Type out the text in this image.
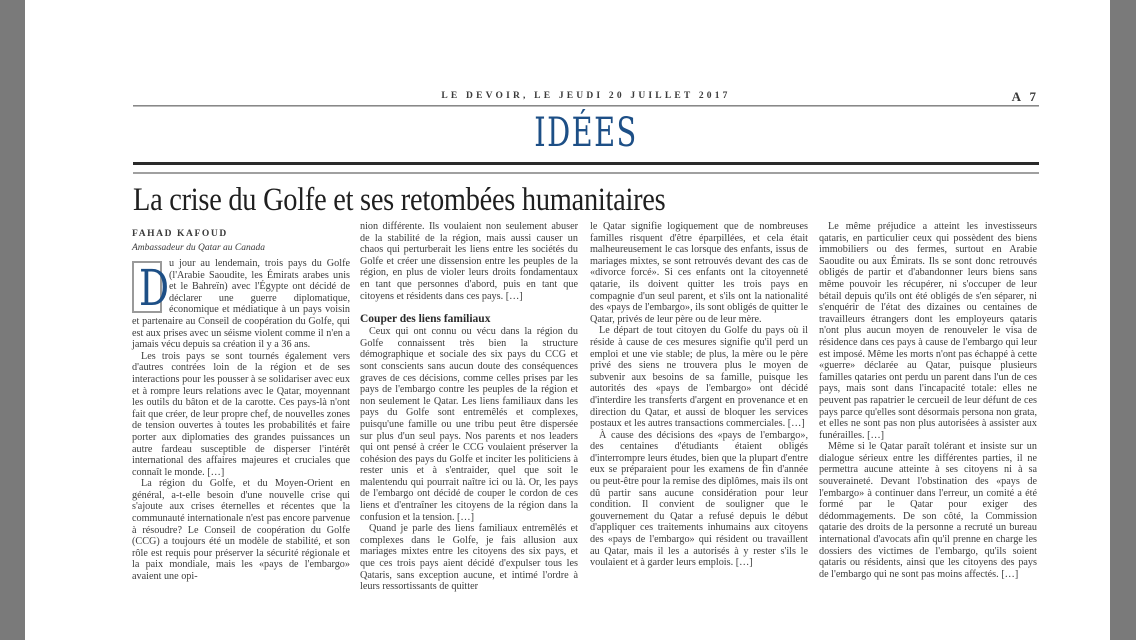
LE DEVOIR, LE JEUDI 20 JUILLET 2017	A 7
IDÉES
La crise du Golfe et ses retombées humanitaires
FAHAD KAFOUD
Ambassadeur du Qatar au Canada
D u jour au lendemain, trois pays du Golfe (l'Arabie Saoudite, les Émirats arabes unis et le Bahreïn) avec l'Égypte ont décidé de déclarer une guerre diplomatique, économique et médiatique à un pays voisin et partenaire au Conseil de coopération du Golfe, qui est aux prises avec un séisme violent comme il n'en a jamais vécu depuis sa création il y a 36 ans.

Les trois pays se sont tournés également vers d'autres contrées loin de la région et de ses interactions pour les pousser à se solidariser avec eux et à rompre leurs relations avec le Qatar, moyennant les outils du bâton et de la carotte. Ces pays-là n'ont fait que créer, de leur propre chef, de nouvelles zones de tension ouvertes à toutes les probabilités et faire porter aux diplomaties des grandes puissances un autre fardeau susceptible de disperser l'intérêt international des affaires majeures et cruciales que connaît le monde. […]

La région du Golfe, et du Moyen-Orient en général, a-t-elle besoin d'une nouvelle crise qui s'ajoute aux crises éternelles et récentes que la communauté internationale n'est pas encore parvenue à résoudre? Le Conseil de coopération du Golfe (CCG) a toujours été un modèle de stabilité, et son rôle est requis pour préserver la sécurité régionale et la paix mondiale, mais les «pays de l'embargo» avaient une opi-

nion différente. Ils voulaient non seulement abuser de la stabilité de la région, mais aussi causer un chaos qui perturberait les liens entre les sociétés du Golfe et créer une dissension entre les peuples de la région, en plus de violer leurs droits fondamentaux en tant que personnes d'abord, puis en tant que citoyens et résidents dans ces pays. […]

Couper des liens familiaux

Ceux qui ont connu ou vécu dans la région du Golfe connaissent très bien la structure démographique et sociale des six pays du CCG et sont conscients sans aucun doute des conséquences graves de ces décisions, comme celles prises par les pays de l'embargo contre les peuples de la région et non seulement le Qatar. Les liens familiaux dans les pays du Golfe sont entremêlés et complexes, puisqu'une famille ou une tribu peut être dispersée sur plus d'un seul pays. Nos parents et nos leaders qui ont pensé à créer le CCG voulaient préserver la cohésion des pays du Golfe et inciter les politiciens à rester unis et à s'entraider, quel que soit le malentendu qui pourrait naître ici ou là. Or, les pays de l'embargo ont décidé de couper le cordon de ces liens et d'entraîner les citoyens de la région dans la confusion et la tension. […]

Quand je parle des liens familiaux entremêlés et complexes dans le Golfe, je fais allusion aux mariages mixtes entre les citoyens des six pays, et que ces trois pays aient décidé d'expulser tous les Qataris, sans exception aucune, et intimé l'ordre à leurs ressortissants de quitter

le Qatar signifie logiquement que de nombreuses familles risquent d'être éparpillées, et cela était malheureusement le cas lorsque des enfants, issus de mariages mixtes, se sont retrouvés devant des cas de «divorce forcé». Si ces enfants ont la citoyenneté qatarie, ils doivent quitter les trois pays en compagnie d'un seul parent, et s'ils ont la nationalité des «pays de l'embargo», ils sont obligés de quitter le Qatar, privés de leur père ou de leur mère.

Le départ de tout citoyen du Golfe du pays où il réside à cause de ces mesures signifie qu'il perd un emploi et une vie stable; de plus, la mère ou le père privé des siens ne trouvera plus le moyen de subvenir aux besoins de sa famille, puisque les autorités des «pays de l'embargo» ont décidé d'interdire les transferts d'argent en provenance et en direction du Qatar, et aussi de bloquer les services postaux et les autres transactions commerciales. […]

À cause des décisions des «pays de l'embargo», des centaines d'étudiants étaient obligés d'interrompre leurs études, bien que la plupart d'entre eux se préparaient pour les examens de fin d'année ou peut-être pour la remise des diplômes, mais ils ont dû partir sans aucune considération pour leur condition. Il convient de souligner que le gouvernement du Qatar a refusé depuis le début d'appliquer ces traitements inhumains aux citoyens des «pays de l'embargo» qui résident ou travaillent au Qatar, mais il les a autorisés à y rester s'ils le voulaient et à garder leurs emplois. […]

Le même préjudice a atteint les investisseurs qataris, en particulier ceux qui possèdent des biens immobiliers ou des fermes, surtout en Arabie Saoudite ou aux Émirats. Ils se sont donc retrouvés obligés de partir et d'abandonner leurs biens sans même pouvoir les récupérer, ni s'occuper de leur bétail depuis qu'ils ont été obligés de s'en séparer, ni s'enquérir de l'état des dizaines ou centaines de travailleurs étrangers dont les employeurs qataris n'ont plus aucun moyen de renouveler le visa de résidence dans ces pays à cause de l'embargo qui leur est imposé. Même les morts n'ont pas échappé à cette «guerre» déclarée au Qatar, puisque plusieurs familles qataries ont perdu un parent dans l'un de ces pays, mais sont dans l'incapacité totale: elles ne peuvent pas rapatrier le cercueil de leur défunt de ces pays parce qu'elles sont désormais persona non grata, et elles ne sont pas non plus autorisées à assister aux funérailles. […]

Même si le Qatar paraît tolérant et insiste sur un dialogue sérieux entre les différentes parties, il ne permettra aucune atteinte à ses citoyens ni à sa souveraineté. Devant l'obstination des «pays de l'embargo» à continuer dans l'erreur, un comité a été formé par le Qatar pour exiger des dédommagements. De son côté, la Commission qatarie des droits de la personne a recruté un bureau international d'avocats afin qu'il prenne en charge les dossiers des victimes de l'embargo, qu'ils soient qataris ou résidents, ainsi que les citoyens des pays de l'embargo qui ne sont pas moins affectés. […]
